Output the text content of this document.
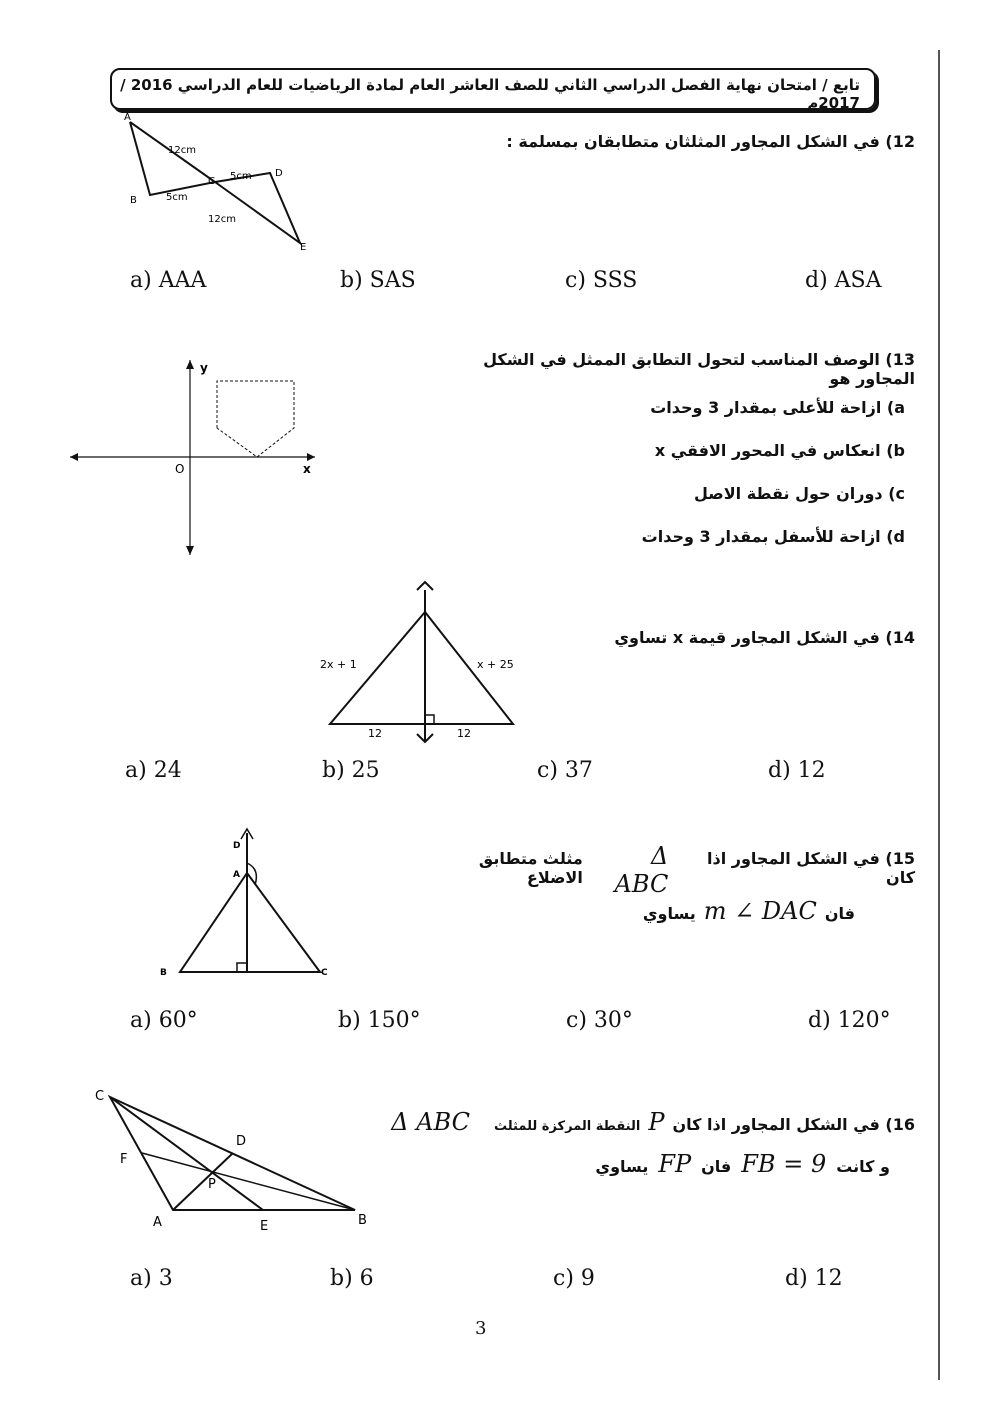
تابع / امتحان نهاية الفصل الدراسي الثاني للصف العاشر العام لمادة الرياضيات للعام الدراسي 2016 / 2017م
12) في الشكل المجاور المثلثان متطابقان بمسلمة :
A
B
C
D
E
12cm
12cm
5cm
5cm
a) AAA	b) SAS	c) SSS	d) ASA
13) الوصف المناسب لتحول التطابق الممثل في الشكل المجاور هو
a) ازاحة للأعلى بمقدار 3 وحدات
b) انعكاس في المحور الافقي x
c) دوران حول نقطة الاصل
d) ازاحة للأسفل بمقدار 3 وحدات
y
x
O
14) في الشكل المجاور قيمة x تساوي
2x + 1	x + 25
12	12
a) 24	b) 25	c) 37	d) 12
15) في الشكل المجاور اذا كان
Δ ABC
مثلث متطابق الاضلاع
فان
m ∠ DAC
يساوي
D
A
B	C
a) 60°	b) 150°	c) 30°	d) 120°
16) في الشكل المجاور اذا كان
P
النقطة المركزة للمثلث
Δ ABC
و كانت
FB = 9
فان
FP
يساوي
C
D
F
P
A	E	B
a) 3	b) 6	c) 9	d) 12
3
